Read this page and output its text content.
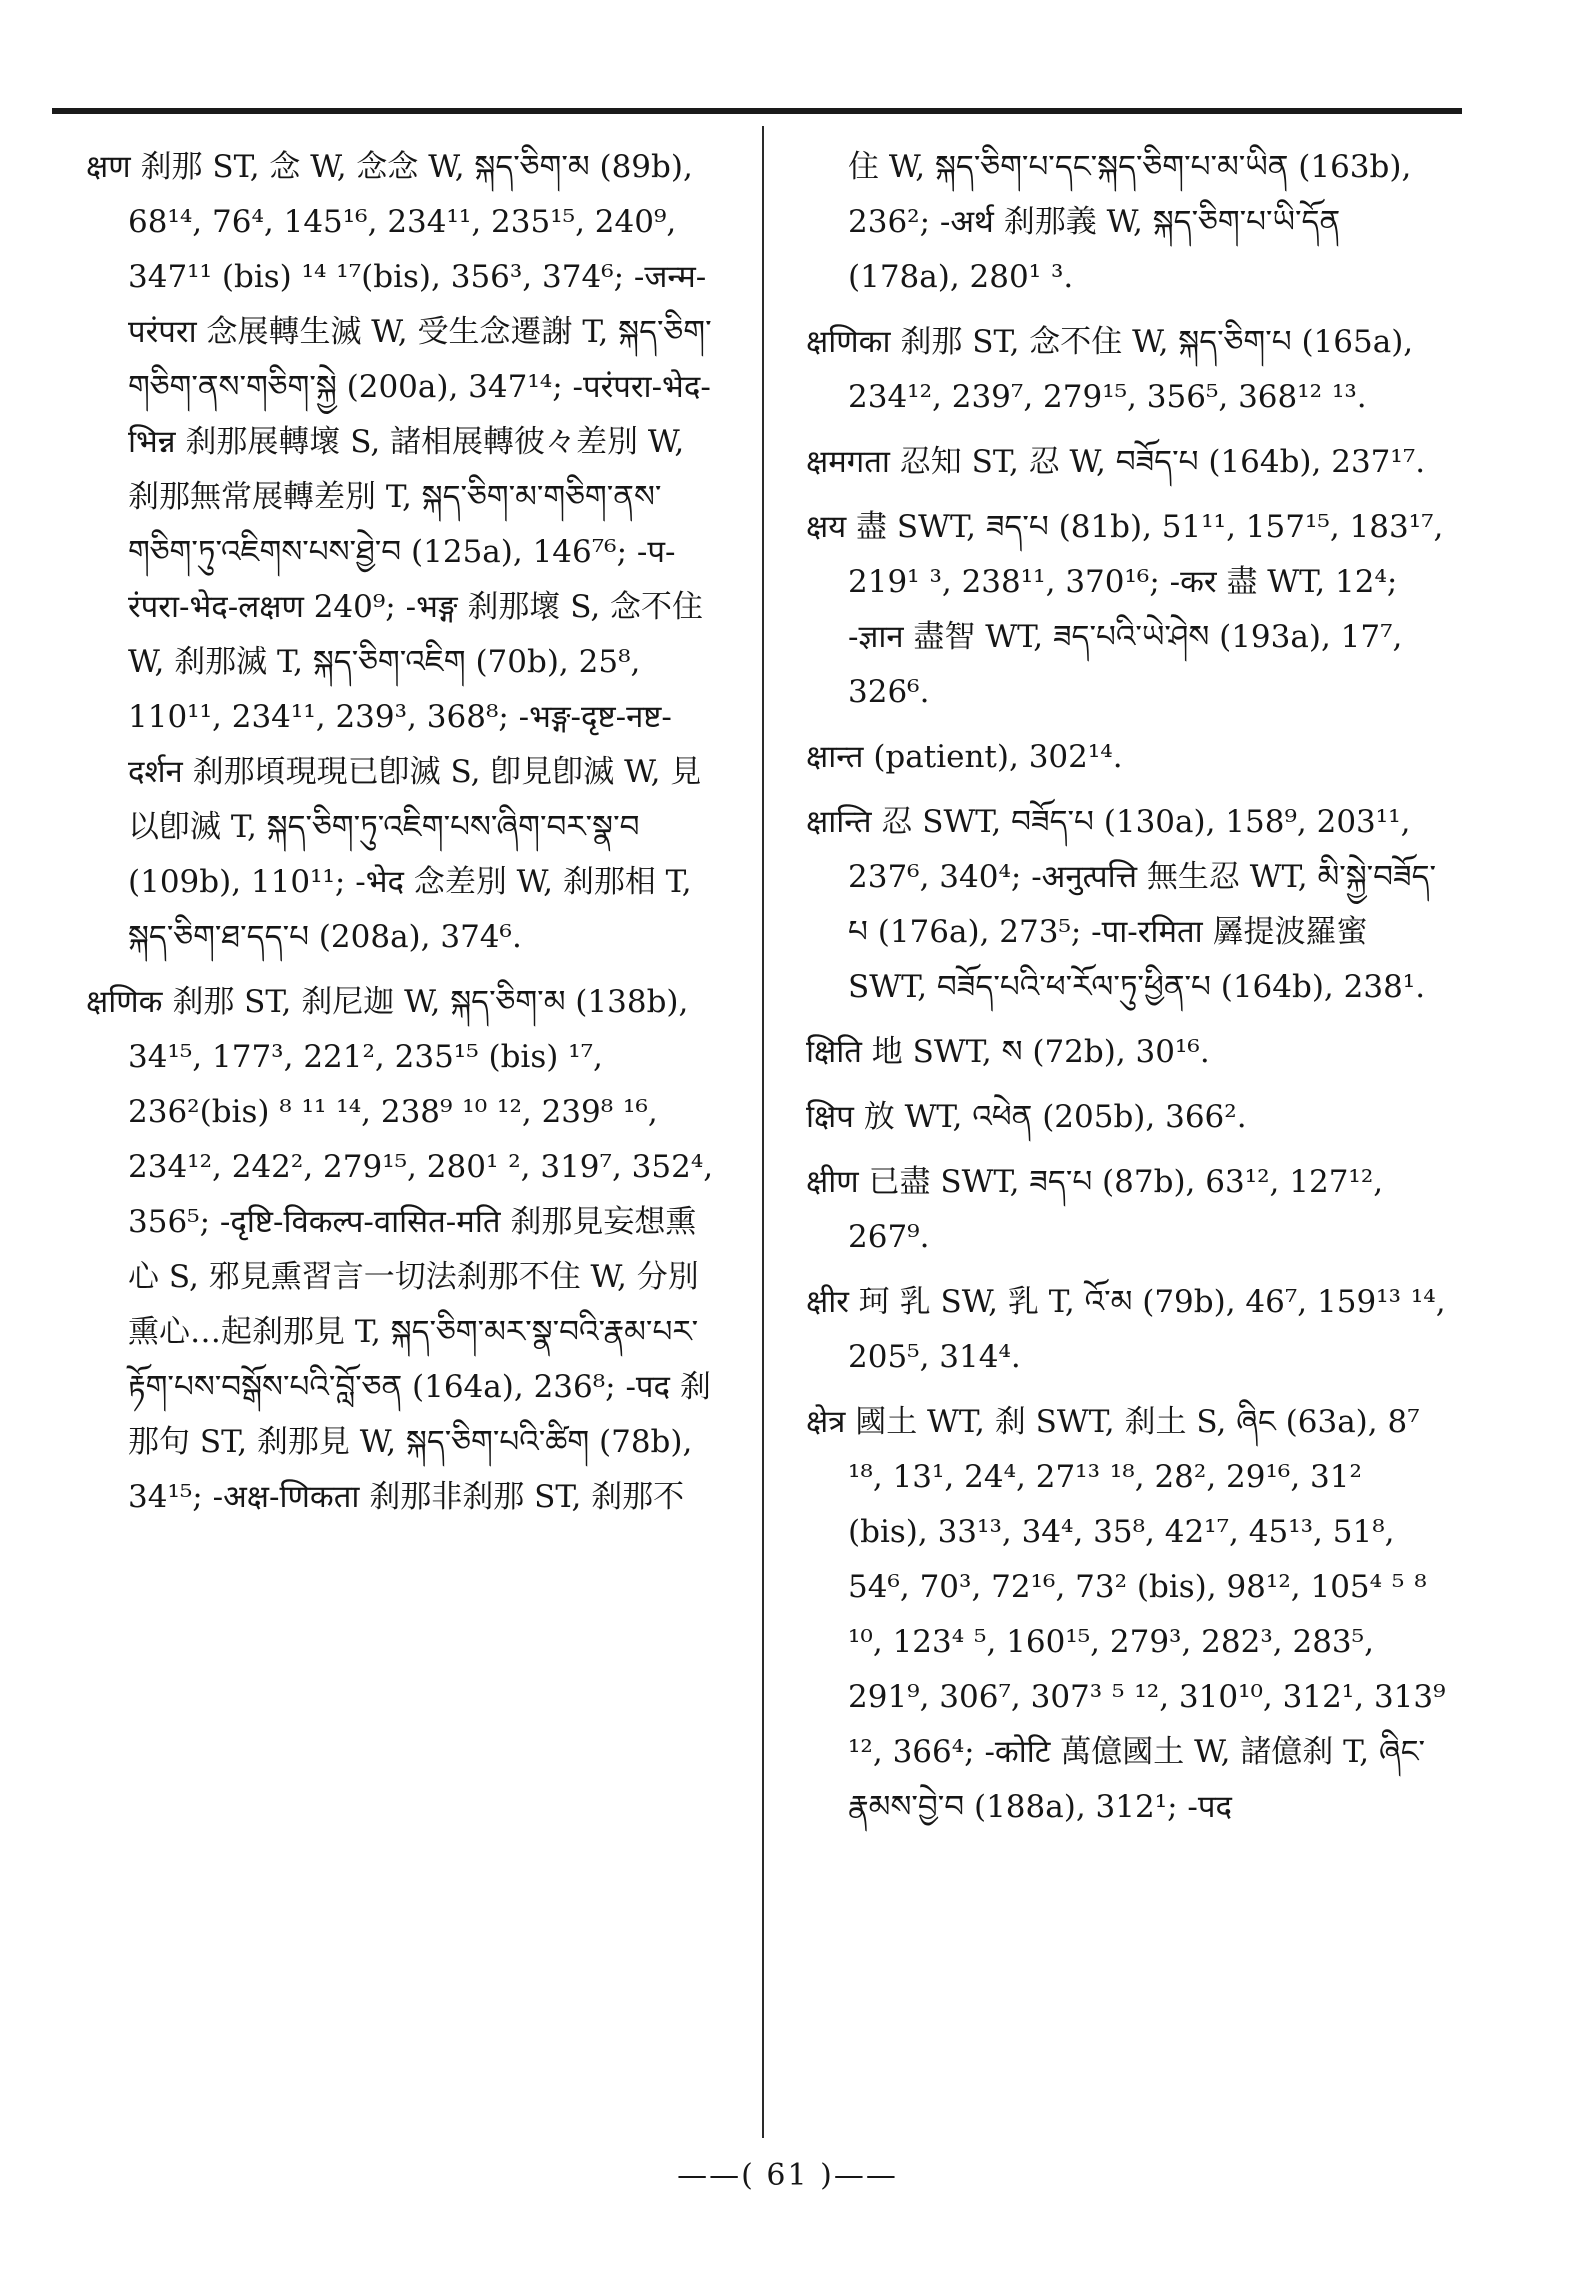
क्षण 刹那 ST, 念 W, 念念 W, སྐད་ཅིག་མ (89b), 68¹⁴, 76⁴, 145¹⁶, 234¹¹, 235¹⁵, 240⁹, 347¹¹ (bis) ¹⁴ ¹⁷(bis), 356³, 374⁶; -जन्म-परंपरा 念展轉生滅 W, 受生念遷謝 T, སྐད་ཅིག་གཅིག་ནས་གཅིག་སྐྱེ (200a), 347¹⁴; -परंपरा-भेद-भिन्न 刹那展轉壞 S, 諸相展轉彼々差別 W, 刹那無常展轉差別 T, སྐད་ཅིག་མ་གཅིག་ནས་གཅིག་ཏུ་འཇིགས་པས་ཐྱེ་བ (125a), 146⁷⁶; -प-रंपरा-भेद-लक्षण 240⁹; -भङ्ग 刹那壞 S, 念不住 W, 刹那滅 T, སྐད་ཅིག་འཇིག (70b), 25⁸, 110¹¹, 234¹¹, 239³, 368⁸; -भङ्ग-दृष्ट-नष्ट-दर्शन 刹那頃現現已卽滅 S, 卽見卽滅 W, 見以卽滅 T, སྐད་ཅིག་ཏུ་འཇིག་པས་ཞིག་བར་སྣ་བ (109b), 110¹¹; -भेद 念差別 W, 刹那相 T, སྐད་ཅིག་ཐ་དད་པ (208a), 374⁶.

क्षणिक 刹那 ST, 刹尼迦 W, སྐད་ཅིག་མ (138b), 34¹⁵, 177³, 221², 235¹⁵ (bis) ¹⁷, 236²(bis) ⁸ ¹¹ ¹⁴, 238⁹ ¹⁰ ¹², 239⁸ ¹⁶, 234¹², 242², 279¹⁵, 280¹ ², 319⁷, 352⁴, 356⁵; -दृष्टि-विकल्प-वासित-मति 刹那見妄想熏心 S, 邪見熏習言一切法刹那不住 W, 分別熏心…起刹那見 T, སྐད་ཅིག་མར་སྣ་བའི་རྣམ་པར་རྟོག་པས་བསྒོས་པའི་བློ་ཅན (164a), 236⁸; -पद 刹那句 ST, 刹那見 W, སྐད་ཅིག་པའི་ཚིག (78b), 34¹⁵; -अक्ष-णिकता 刹那非刹那 ST, 刹那不

住 W, སྐད་ཅིག་པ་དང་སྐད་ཅིག་པ་མ་ཡིན (163b), 236²; -अर्थ 刹那義 W, སྐད་ཅིག་པ་ཡི་དོན (178a), 280¹ ³.

क्षणिका 刹那 ST, 念不住 W, སྐད་ཅིག་པ (165a), 234¹², 239⁷, 279¹⁵, 356⁵, 368¹² ¹³.

क्षमगता 忍知 ST, 忍 W, བཟོད་པ (164b), 237¹⁷.

क्षय 盡 SWT, ཟད་པ (81b), 51¹¹, 157¹⁵, 183¹⁷, 219¹ ³, 238¹¹, 370¹⁶; -कर 盡 WT, 12⁴; -ज्ञान 盡智 WT, ཟད་པའི་ཡེ་ཤེས (193a), 17⁷, 326⁶.

क्षान्त (patient), 302¹⁴.

क्षान्ति 忍 SWT, བཟོད་པ (130a), 158⁹, 203¹¹, 237⁶, 340⁴; -अनुत्पत्ति 無生忍 WT, མི་སྐྱེ་བཟོད་པ (176a), 273⁵; -पा-रमिता 羼提波羅蜜 SWT, བཟོད་པའི་ཕ་རོལ་ཏུ་ཕྱིན་པ (164b), 238¹.

क्षिति 地 SWT, ས (72b), 30¹⁶.

क्षिप 放 WT, འཕེན (205b), 366².

क्षीण 已盡 SWT, ཟད་པ (87b), 63¹², 127¹², 267⁹.

क्षीर 珂 乳 SW, 乳 T, འོ་མ (79b), 46⁷, 159¹³ ¹⁴, 205⁵, 314⁴.

क्षेत्र 國土 WT, 刹 SWT, 刹土 S, ཞིང (63a), 8⁷ ¹⁸, 13¹, 24⁴, 27¹³ ¹⁸, 28², 29¹⁶, 31² (bis), 33¹³, 34⁴, 35⁸, 42¹⁷, 45¹³, 51⁸, 54⁶, 70³, 72¹⁶, 73² (bis), 98¹², 105⁴ ⁵ ⁸ ¹⁰, 123⁴ ⁵, 160¹⁵, 279³, 282³, 283⁵, 291⁹, 306⁷, 307³ ⁵ ¹², 310¹⁰, 312¹, 313⁹ ¹², 366⁴; -कोटि 萬億國土 W, 諸億刹 T, ཞིང་རྣམས་བྱེ་བ (188a), 312¹; -पद

——( 61 )——
